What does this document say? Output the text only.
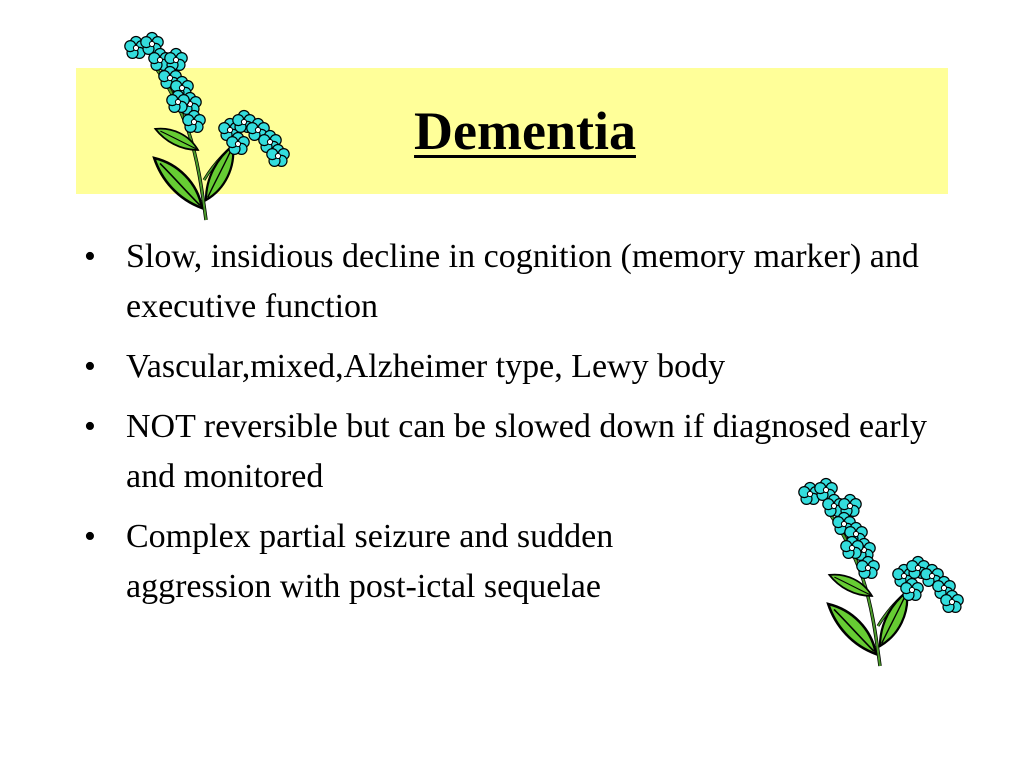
Dementia
• Slow, insidious decline in cognition (memory marker) and executive function
• Vascular,mixed,Alzheimer type, Lewy body
• NOT reversible but can be slowed down if diagnosed early and monitored
• Complex partial seizure and sudden aggression with post-ictal sequelae
